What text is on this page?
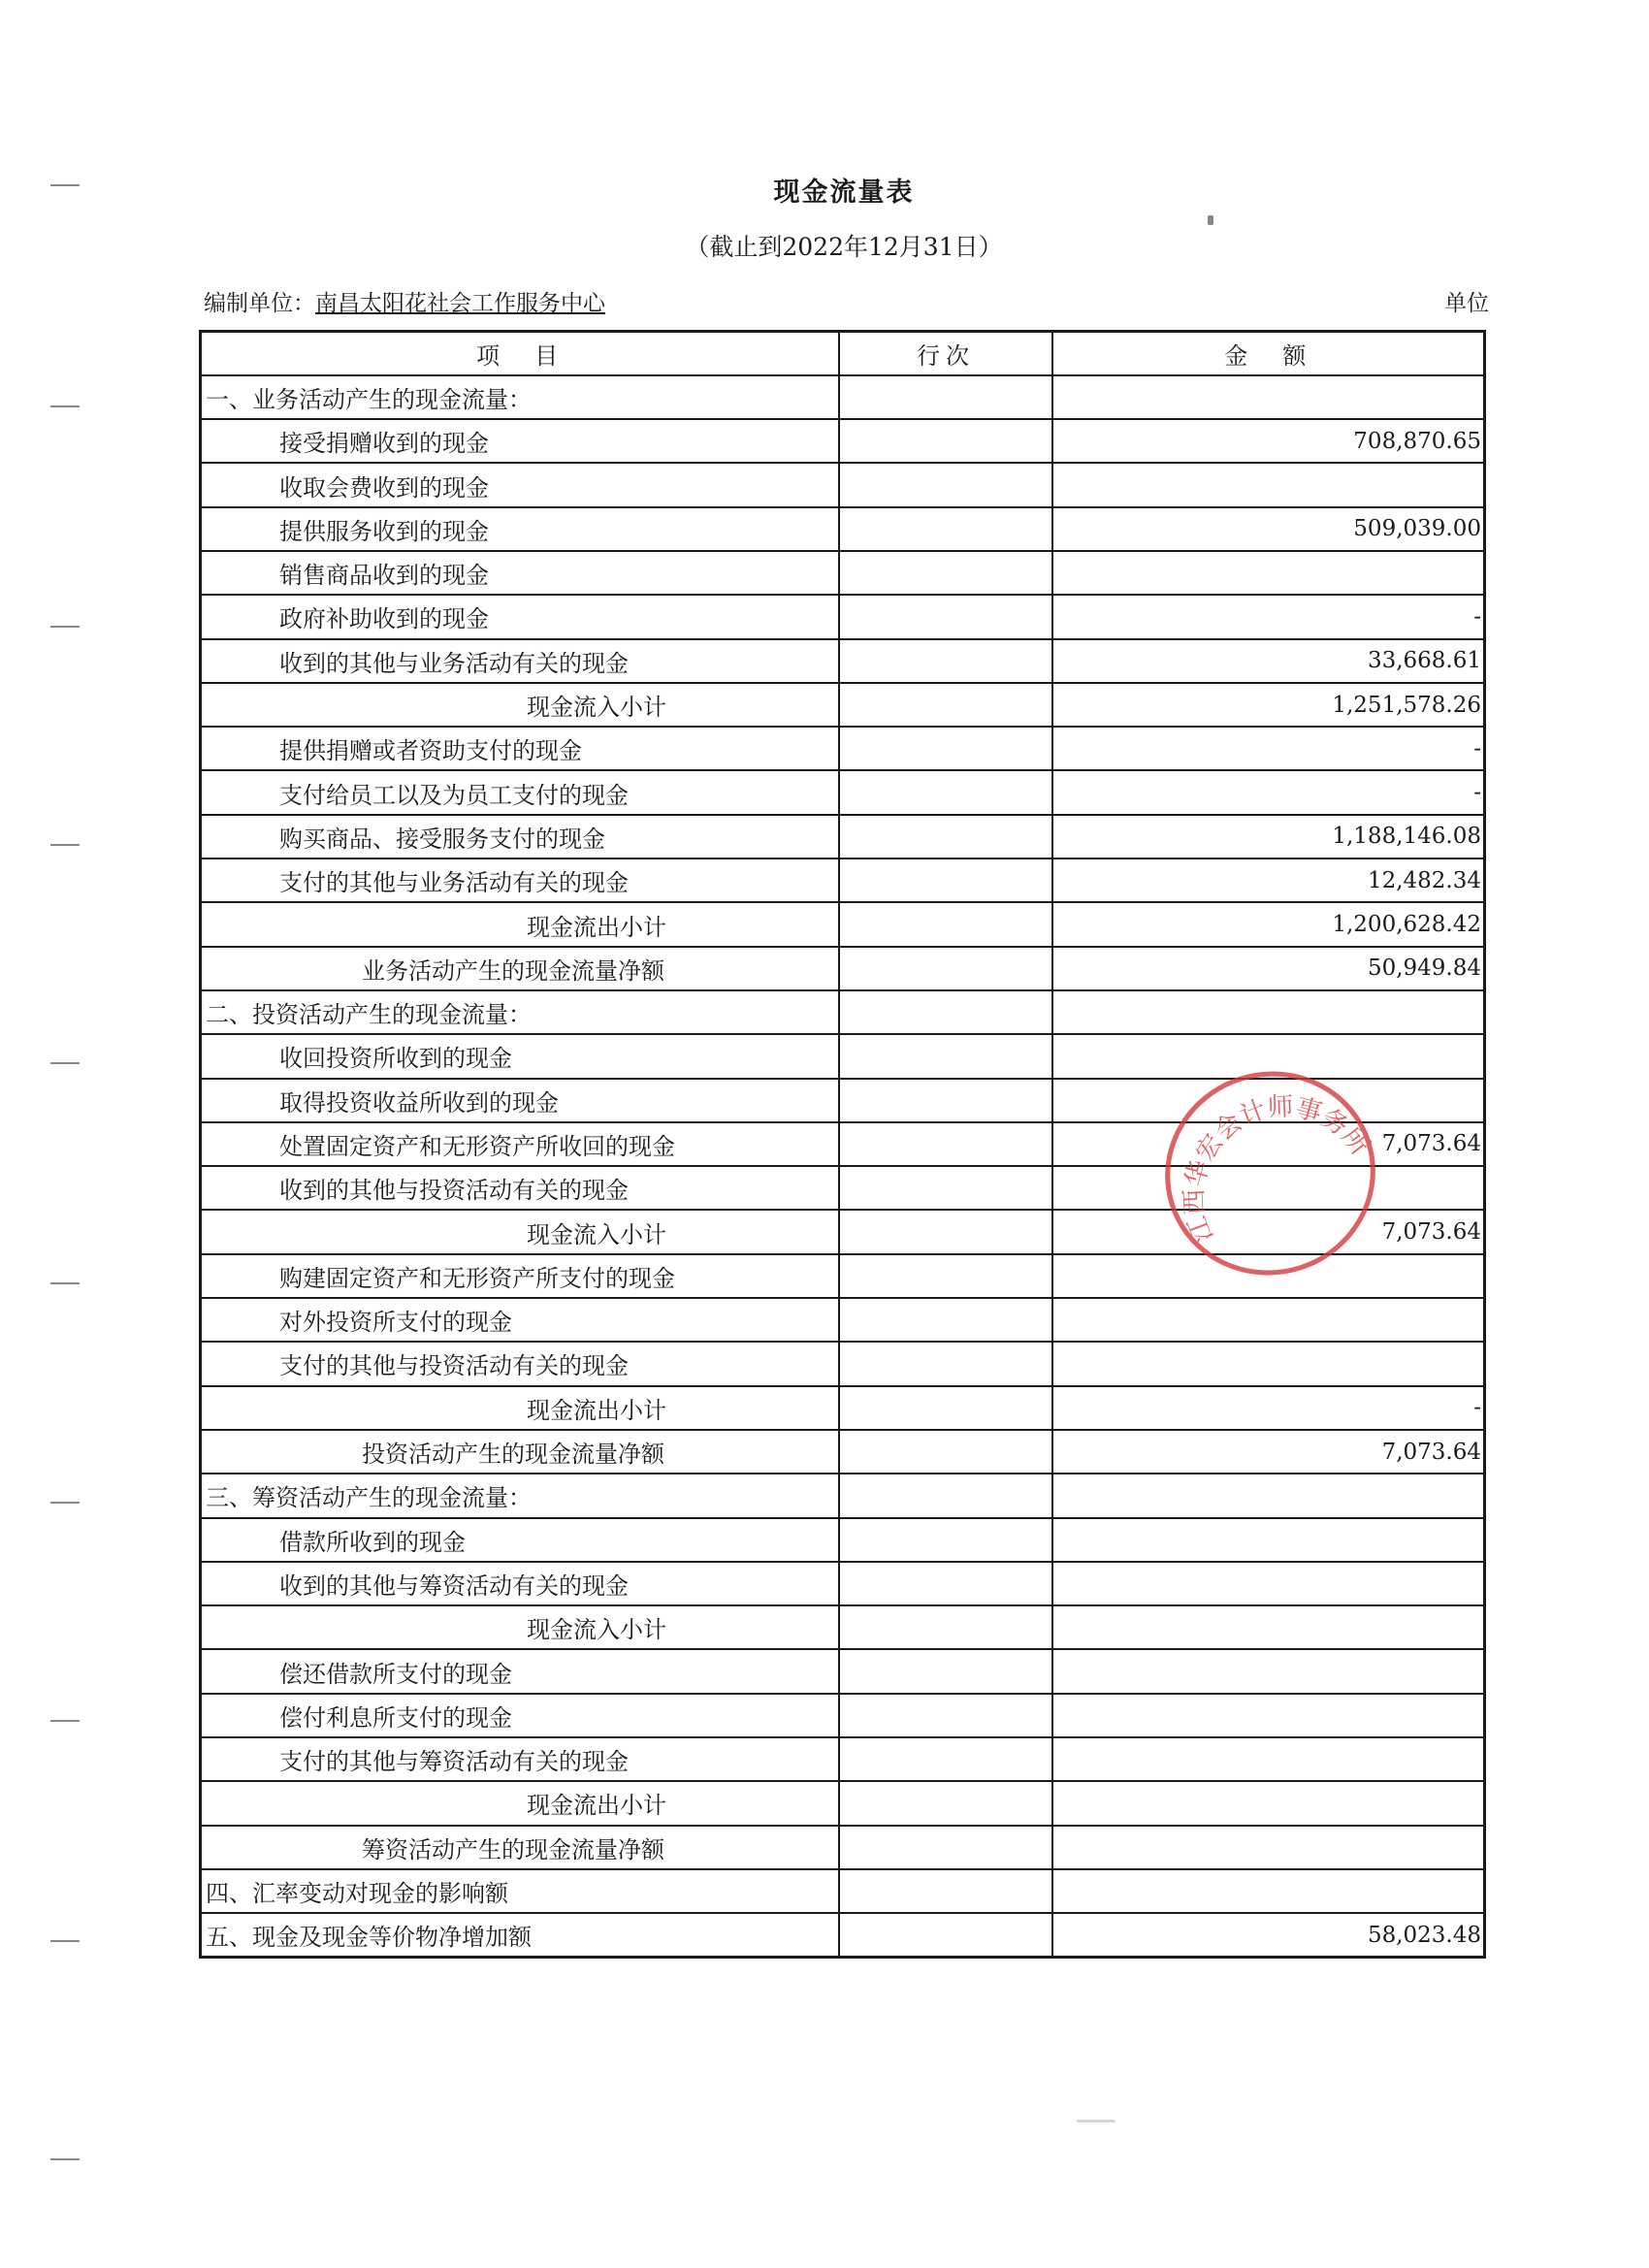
现金流量表
（截止到2022年12月31日）
编制单位：南昌太阳花社会工作服务中心	单位
项　目	行次	金　额
一、业务活动产生的现金流量：		
接受捐赠收到的现金		708,870.65
收取会费收到的现金		
提供服务收到的现金		509,039.00
销售商品收到的现金		
政府补助收到的现金		-
收到的其他与业务活动有关的现金		33,668.61
现金流入小计		1,251,578.26
提供捐赠或者资助支付的现金		-
支付给员工以及为员工支付的现金		-
购买商品、接受服务支付的现金		1,188,146.08
支付的其他与业务活动有关的现金		12,482.34
现金流出小计		1,200,628.42
业务活动产生的现金流量净额		50,949.84
二、投资活动产生的现金流量：		
收回投资所收到的现金		
取得投资收益所收到的现金		
处置固定资产和无形资产所收回的现金		7,073.64
收到的其他与投资活动有关的现金		
现金流入小计		7,073.64
购建固定资产和无形资产所支付的现金		
对外投资所支付的现金		
支付的其他与投资活动有关的现金		
现金流出小计		-
投资活动产生的现金流量净额		7,073.64
三、筹资活动产生的现金流量：		
借款所收到的现金		
收到的其他与筹资活动有关的现金		
现金流入小计		
偿还借款所支付的现金		
偿付利息所支付的现金		
支付的其他与筹资活动有关的现金		
现金流出小计		
筹资活动产生的现金流量净额		
四、汇率变动对现金的影响额		
五、现金及现金等价物净增加额		58,023.48
江西华宏会计师事务所审验专用章
